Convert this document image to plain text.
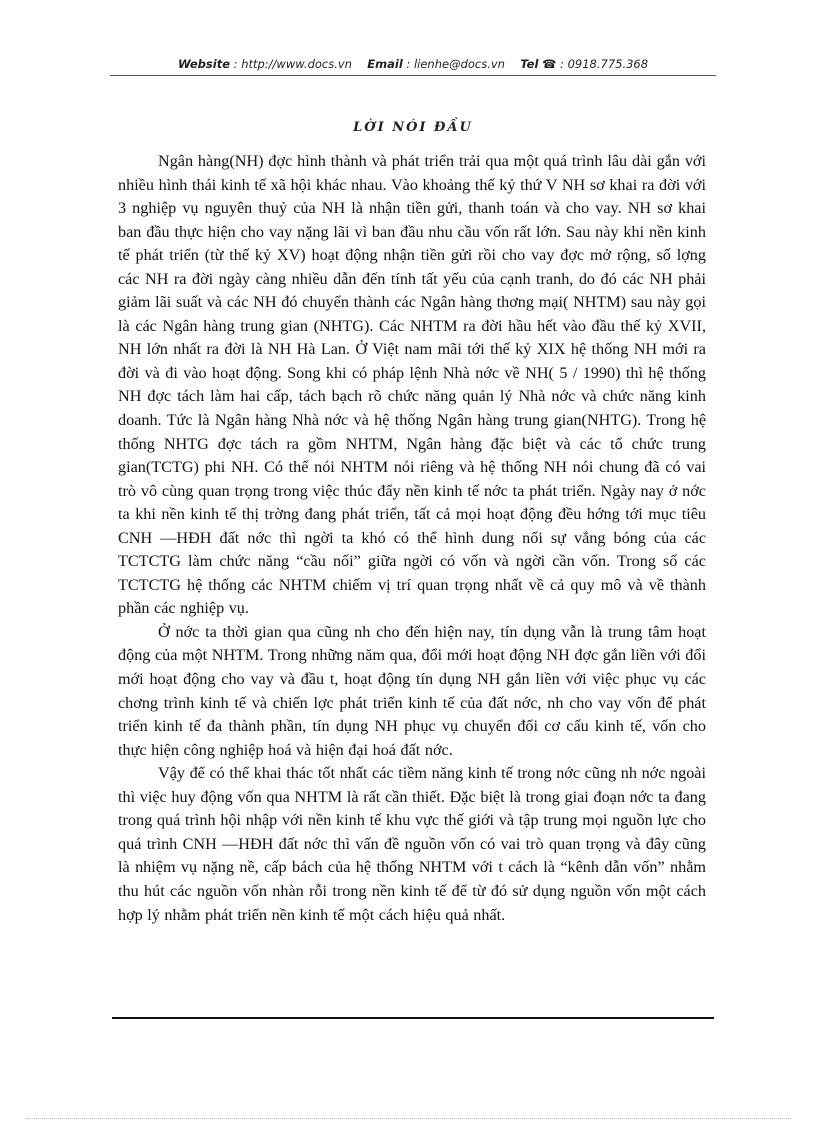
Website : http://www.docs.vn Email : lienhe@docs.vn Tel ☎ : 0918.775.368
LỜI NÓI ĐẦU

Ngân hàng(NH) đợc hình thành và phát triển trải qua một quá trình lâu dài gắn với nhiều hình thái kinh tế xã hội khác nhau. Vào khoảng thế kỷ thứ V NH sơ khai ra đời với 3 nghiệp vụ nguyên thuỷ của NH là nhận tiền gửi, thanh toán và cho vay. NH sơ khai ban đầu thực hiện cho vay nặng lãi vì ban đầu nhu cầu vốn rất lớn. Sau này khi nền kinh tế phát triển (từ thế kỷ XV) hoạt động nhận tiền gửi rồi cho vay đợc mở rộng, số lợng các NH ra đời ngày càng nhiều dẫn đến tính tất yếu của cạnh tranh, do đó các NH phải giảm lãi suất và các NH đó chuyển thành các Ngân hàng thơng mại( NHTM) sau này gọi là các Ngân hàng trung gian (NHTG). Các NHTM ra đời hầu hết vào đầu thế kỷ XVII, NH lớn nhất ra đời là NH Hà Lan. Ở Việt nam mãi tới thế kỷ XIX hệ thống NH mới ra đời và đi vào hoạt động. Song khi có pháp lệnh Nhà nớc về NH( 5 / 1990) thì hệ thống NH đợc tách làm hai cấp, tách bạch rõ chức năng quản lý Nhà nớc và chức năng kinh doanh. Tức là Ngân hàng Nhà nớc và hệ thống Ngân hàng trung gian(NHTG). Trong hệ thống NHTG đợc tách ra gồm NHTM, Ngân hàng đặc biệt và các tổ chức trung gian(TCTG) phi NH. Có thể nói NHTM nói riêng và hệ thống NH nói chung đã có vai trò vô cùng quan trọng trong việc thúc đẩy nền kinh tế nớc ta phát triển. Ngày nay ở nớc ta khi nền kinh tế thị trờng đang phát triển, tất cả mọi hoạt động đều hớng tới mục tiêu CNH —HĐH đất nớc thì ngời ta khó có thể hình dung nổi sự vắng bóng của các TCTCTG làm chức năng “cầu nối” giữa ngời có vốn và ngời cần vốn. Trong số các TCTCTG hệ thống các NHTM chiếm vị trí quan trọng nhất về cả quy mô và về thành phần các nghiệp vụ.

Ở nớc ta thời gian qua cũng nh cho đến hiện nay, tín dụng vẫn là trung tâm hoạt động của một NHTM. Trong những năm qua, đổi mới hoạt động NH đợc gắn liền với đổi mới hoạt động cho vay và đầu t, hoạt động tín dụng NH gắn liền với việc phục vụ các chơng trình kinh tế và chiến lợc phát triển kinh tế của đất nớc, nh cho vay vốn để phát triển kinh tế đa thành phần, tín dụng NH phục vụ chuyển đổi cơ cấu kinh tế, vốn cho thực hiện công nghiệp hoá và hiện đại hoá đất nớc.

Vậy để có thể khai thác tốt nhất các tiềm năng kinh tế trong nớc cũng nh nớc ngoài thì việc huy động vốn qua NHTM là rất cần thiết. Đặc biệt là trong giai đoạn nớc ta đang trong quá trình hội nhập với nền kinh tế khu vực thế giới và tập trung mọi nguồn lực cho quá trình CNH —HĐH đất nớc thì vấn đề nguồn vốn có vai trò quan trọng và đây cũng là nhiệm vụ nặng nề, cấp bách của hệ thống NHTM với t cách là “kênh dẫn vốn” nhằm thu hút các nguồn vốn nhàn rỗi trong nền kinh tế để từ đó sử dụng nguồn vốn một cách hợp lý nhằm phát triển nền kinh tế một cách hiệu quả nhất.
